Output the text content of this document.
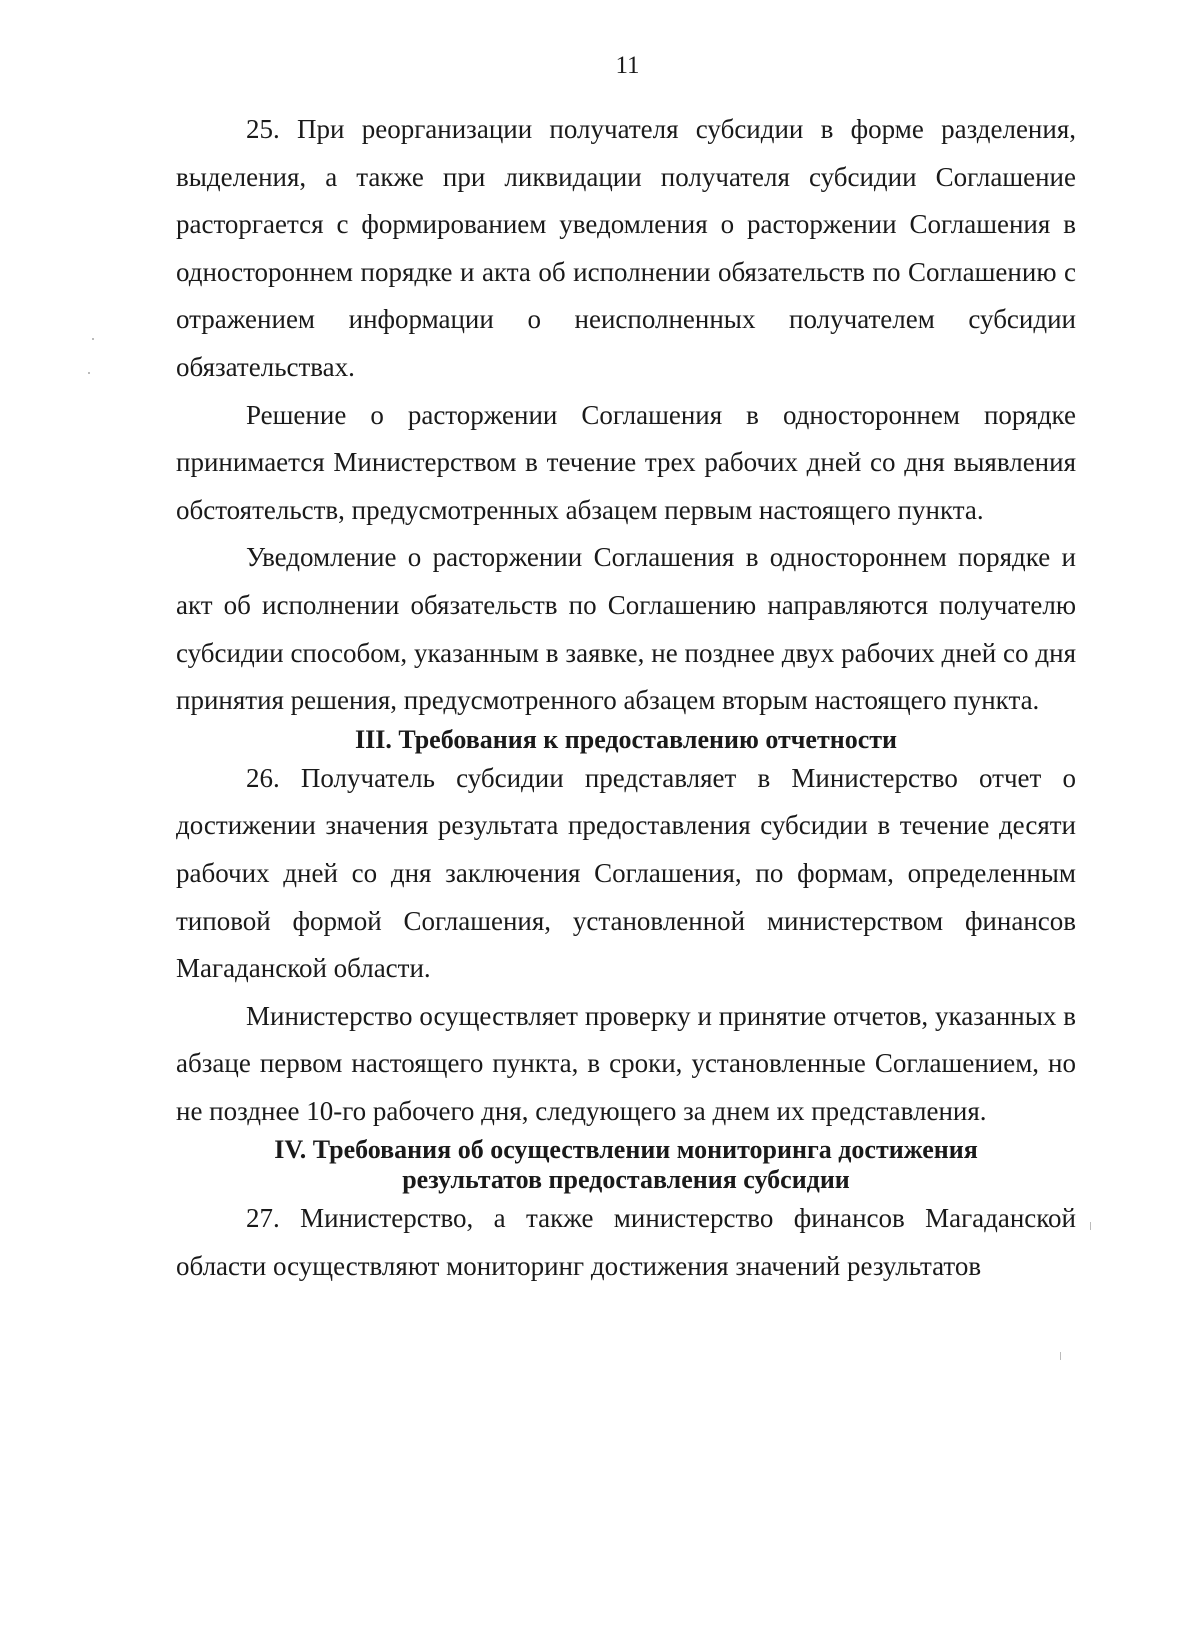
11

25. При реорганизации получателя субсидии в форме разделения, выделения, а также при ликвидации получателя субсидии Соглашение расторгается с формированием уведомления о расторжении Соглашения в одностороннем порядке и акта об исполнении обязательств по Соглашению с отражением информации о неисполненных получателем субсидии обязательствах.

Решение о расторжении Соглашения в одностороннем порядке принимается Министерством в течение трех рабочих дней со дня выявления обстоятельств, предусмотренных абзацем первым настоящего пункта.

Уведомление о расторжении Соглашения в одностороннем порядке и акт об исполнении обязательств по Соглашению направляются получателю субсидии способом, указанным в заявке, не позднее двух рабочих дней со дня принятия решения, предусмотренного абзацем вторым настоящего пункта.

III. Требования к предоставлению отчетности

26. Получатель субсидии представляет в Министерство отчет о достижении значения результата предоставления субсидии в течение десяти рабочих дней со дня заключения Соглашения, по формам, определенным типовой формой Соглашения, установленной министерством финансов Магаданской области.

Министерство осуществляет проверку и принятие отчетов, указанных в абзаце первом настоящего пункта, в сроки, установленные Соглашением, но не позднее 10-го рабочего дня, следующего за днем их представления.

IV. Требования об осуществлении мониторинга достижения
результатов предоставления субсидии

27. Министерство, а также министерство финансов Магаданской области осуществляют мониторинг достижения значений результатов
